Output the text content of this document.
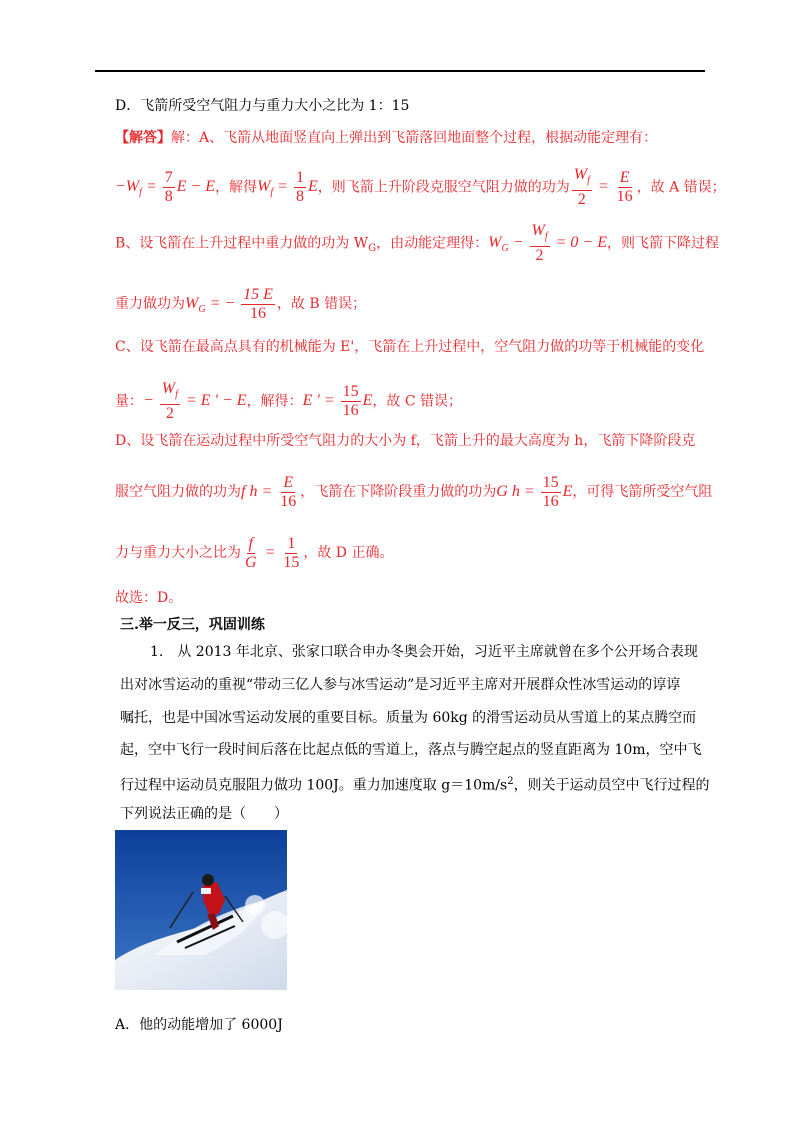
D．飞箭所受空气阻力与重力大小之比为 1：15
【解答】解：A、飞箭从地面竖直向上弹出到飞箭落回地面整个过程，根据动能定理有：
$-W_f = \frac{7}{8}$ E − E，解得$W_f = \frac{1}{8}$ E，则飞箭上升阶段克服空气阻力做的功为 $\frac{W_f}{2} = \frac{E}{16}$ ，故 A 错误；
B、设飞箭在上升过程中重力做的功为 $W_G$，由动能定理得：$W_G - \frac{W_f}{2} = 0 - E$，则飞箭下降过程
重力做功为$W_G$ = − $\frac{15 E}{16}$ ，故 B 错误；
C、设飞箭在最高点具有的机械能为 E'，飞箭在上升过程中，空气阻力做的功等于机械能的变化
量：− $\frac{W_f}{2} = E$ ′ − E，解得：E ′ = $\frac{15}{16}$ E，故 C 错误；
D、设飞箭在运动过程中所受空气阻力的大小为 f，飞箭上升的最大高度为 h，飞箭下降阶段克
服空气阻力做的功为f $h = \frac{E}{16}$ ，飞箭在下降阶段重力做的功为G $h = \frac{15}{16}$ E，可得飞箭所受空气阻
力与重力大小之比为 $\frac{f}{G} = \frac{1}{15}$ ，故 D 正确。
故选：D。
三.举一反三，巩固训练
1.　从 2013 年北京、张家口联合申办冬奥会开始，习近平主席就曾在多个公开场合表现
出对冰雪运动的重视“带动三亿人参与冰雪运动”是习近平主席对开展群众性冰雪运动的谆谆
嘱托，也是中国冰雪运动发展的重要目标。质量为 60kg 的滑雪运动员从雪道上的某点腾空而
起，空中飞行一段时间后落在比起点低的雪道上，落点与腾空起点的竖直距离为 10m，空中飞
行过程中运动员克服阻力做功 100J。重力加速度取 $g=10m/s^2$，则关于运动员空中飞行过程的
下列说法正确的是（　　）
A．他的动能增加了 6000J
